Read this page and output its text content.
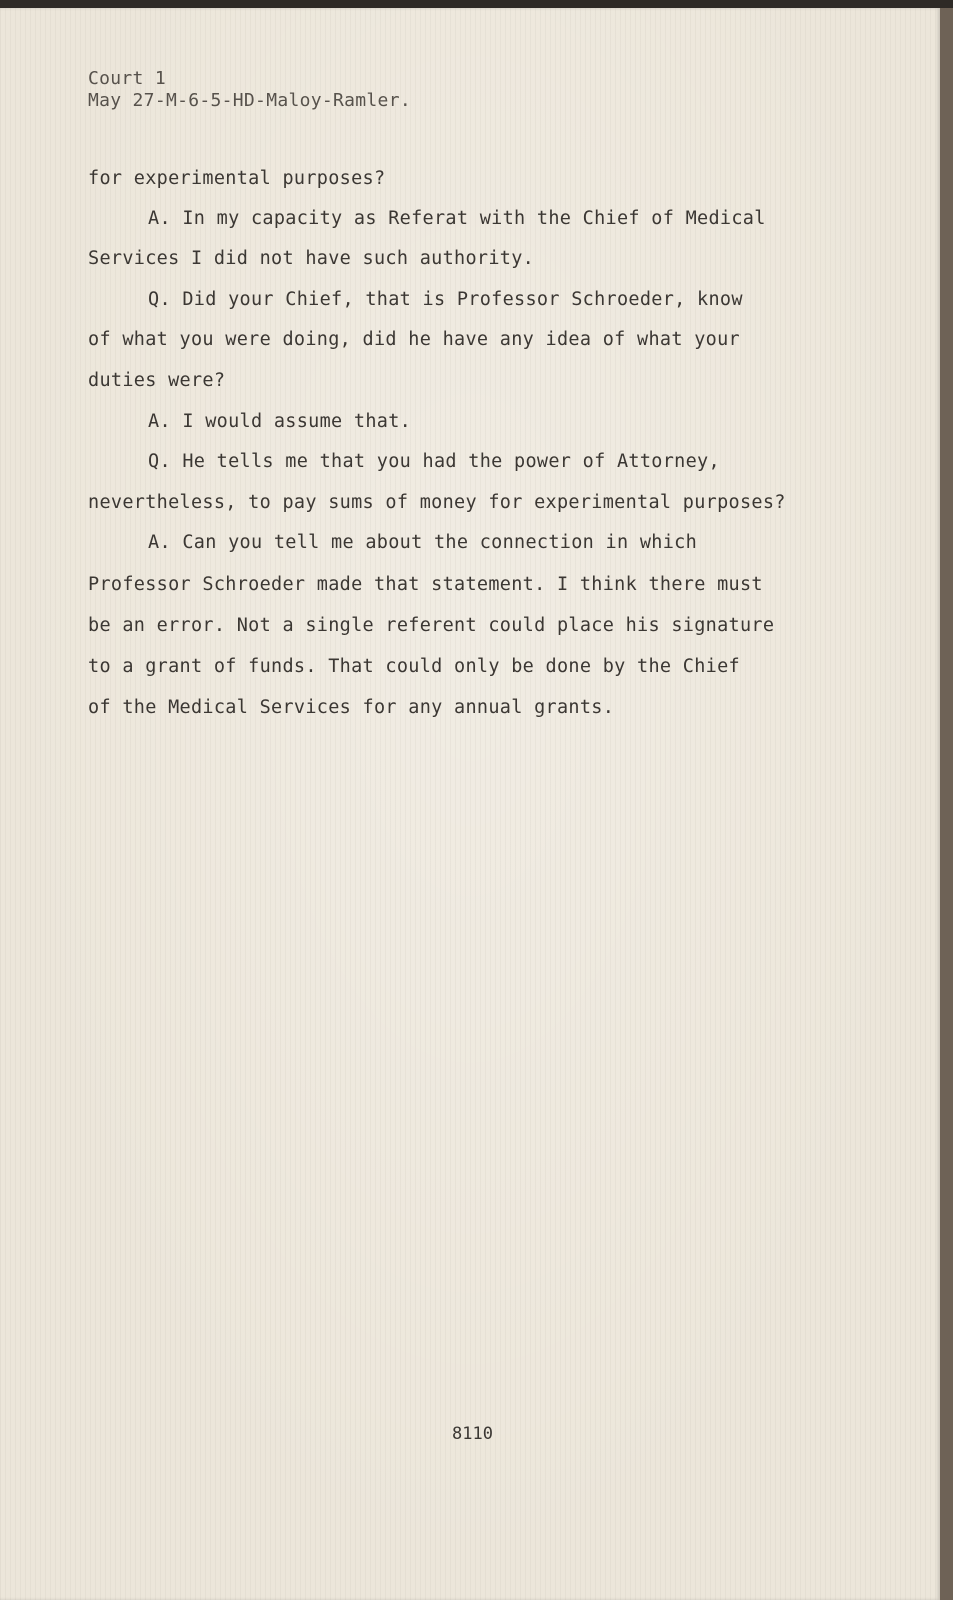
Court 1
May 27-M-6-5-HD-Maloy-Ramler.
for experimental purposes?
A. In my capacity as Referat with the Chief of Medical
Services I did not have such authority.
Q. Did your Chief, that is Professor Schroeder, know
of what you were doing, did he have any idea of what your
duties were?
A. I would assume that.
Q. He tells me that you had the power of Attorney,
nevertheless, to pay sums of money for experimental purposes?
A. Can you tell me about the connection in which
Professor Schroeder made that statement. I think there must
be an error. Not a single referent could place his signature
to a grant of funds. That could only be done by the Chief
of the Medical Services for any annual grants.
8110
